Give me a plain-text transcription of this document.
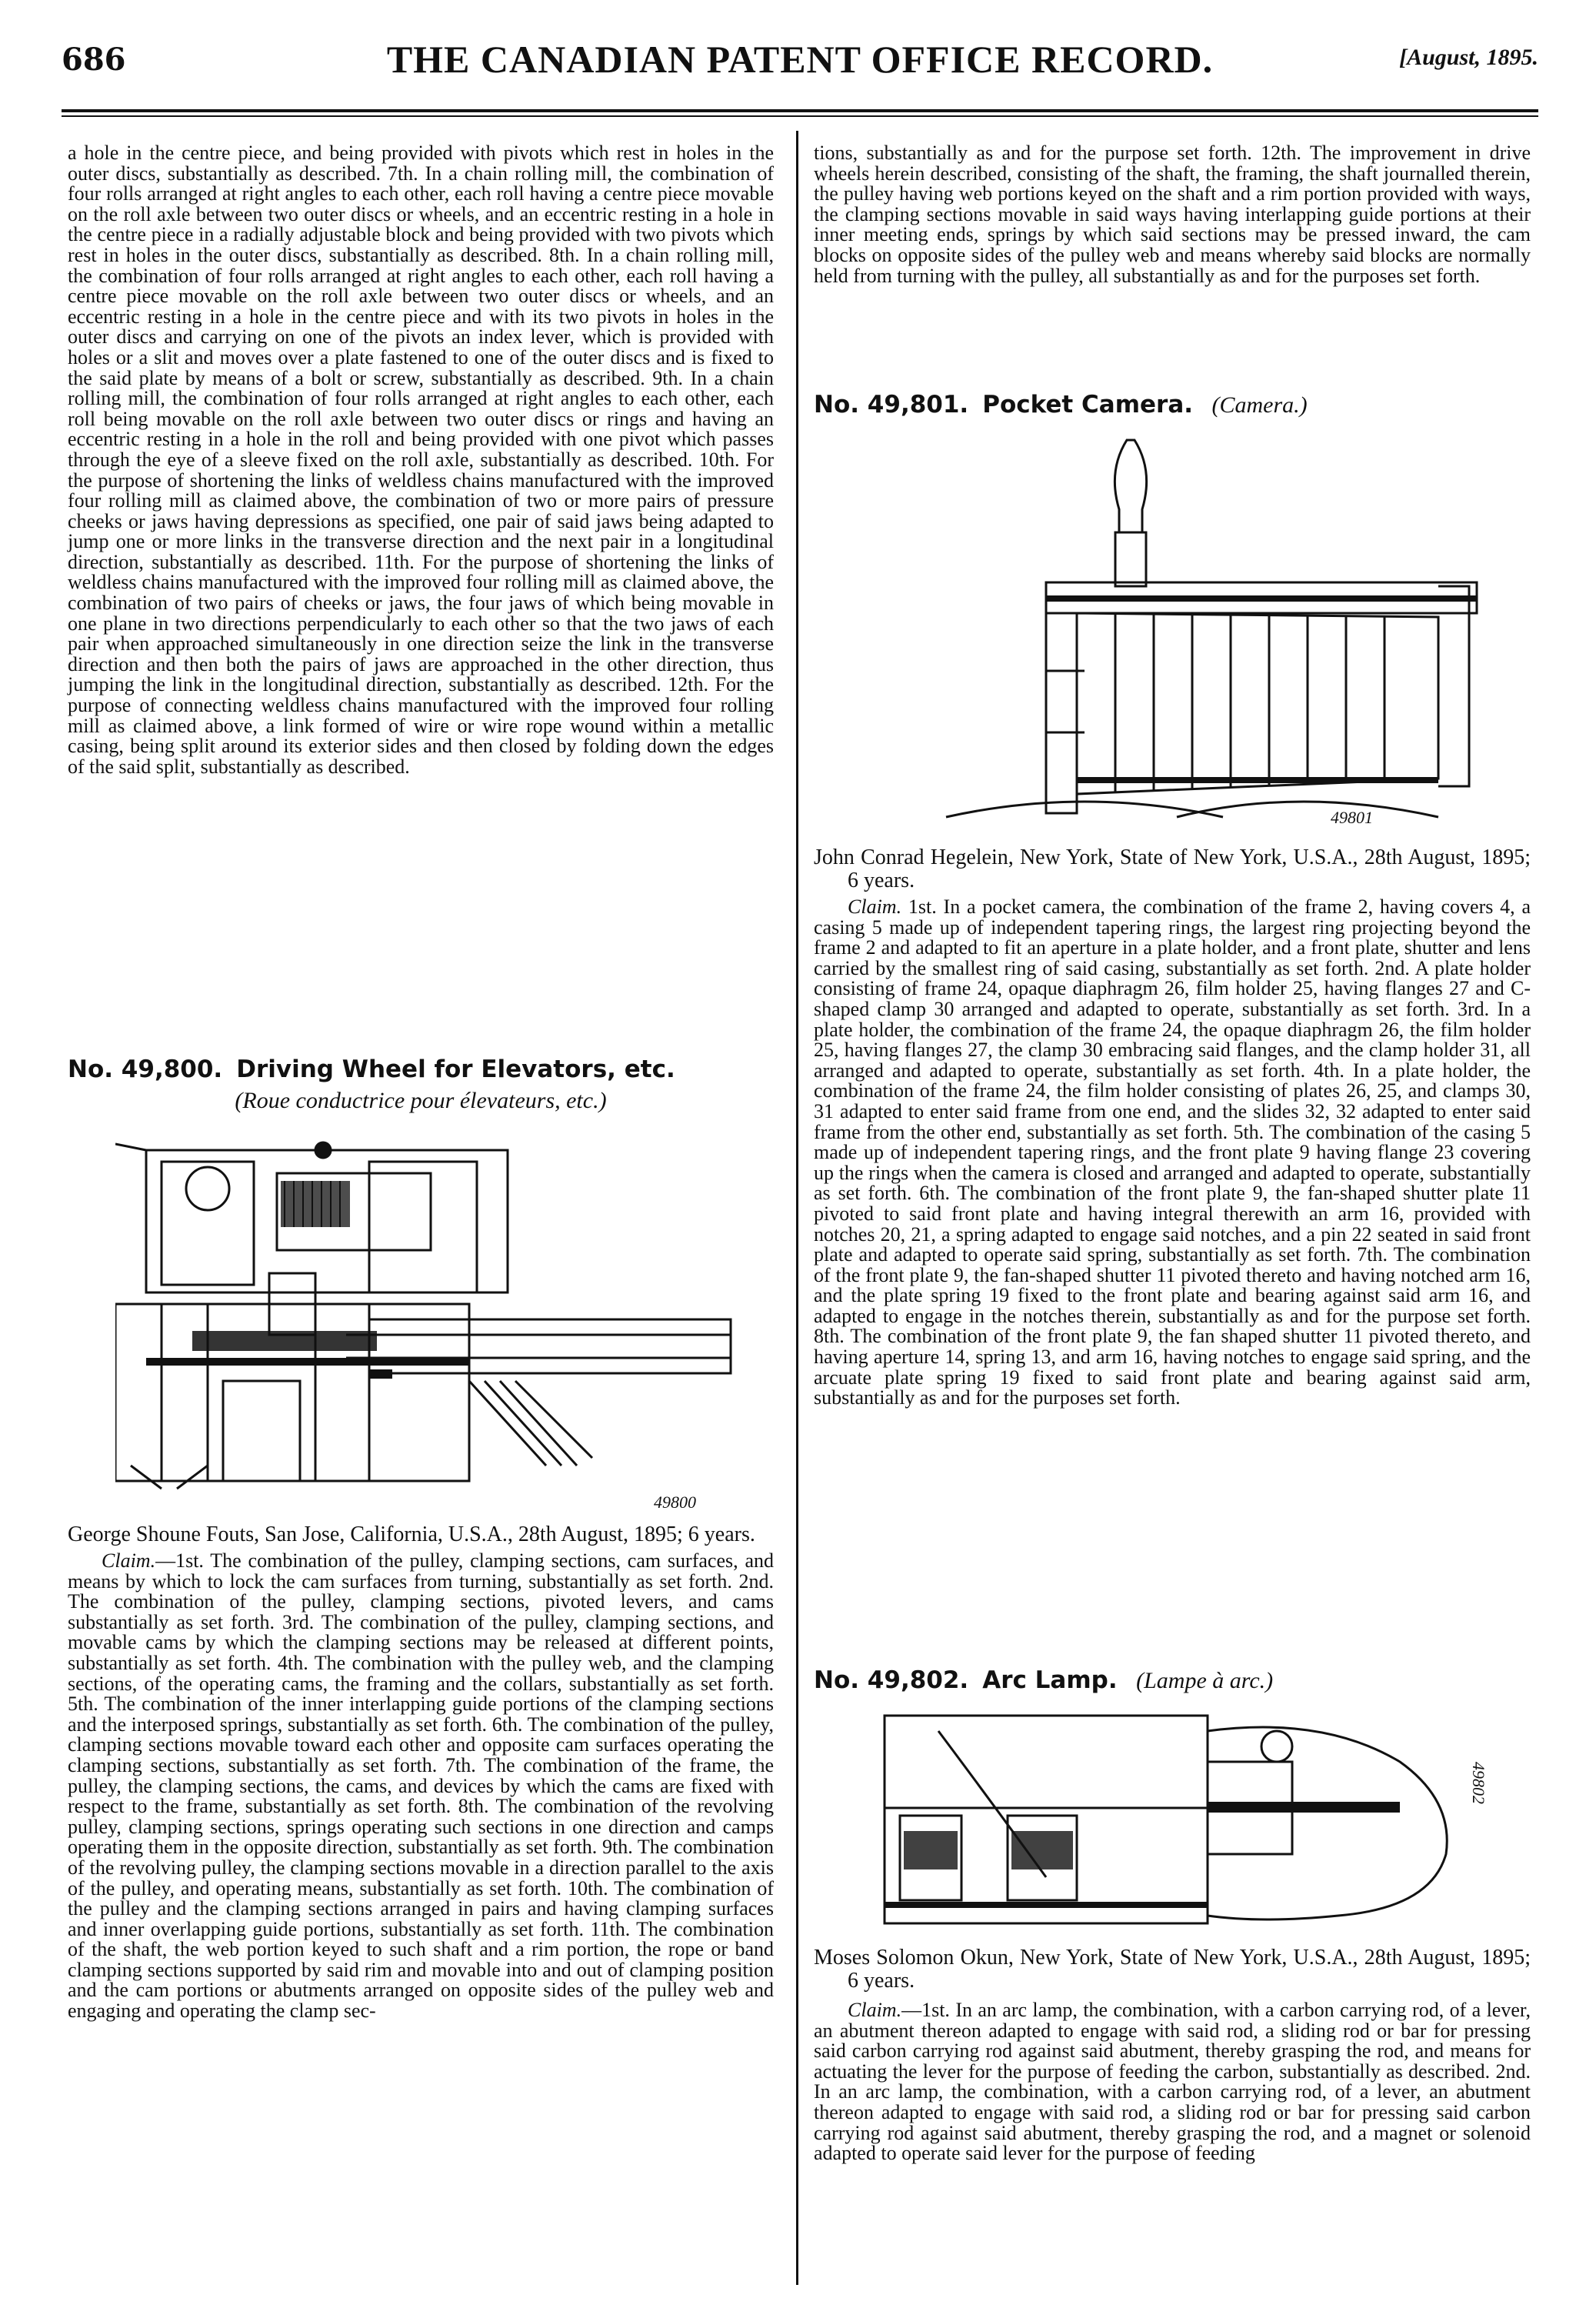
686	THE CANADIAN PATENT OFFICE RECORD.	[August, 1895.

a hole in the centre piece, and being provided with pivots which rest in holes in the outer discs, substantially as described. 7th. In a chain rolling mill, the combination of four rolls arranged at right angles to each other, each roll having a centre piece movable on the roll axle between two outer discs or wheels, and an eccentric resting in a hole in the centre piece in a radially adjustable block and being provided with two pivots which rest in holes in the outer discs, substantially as described. 8th. In a chain rolling mill, the combination of four rolls arranged at right angles to each other, each roll having a centre piece movable on the roll axle between two outer discs or wheels, and an eccentric resting in a hole in the centre piece and with its two pivots in holes in the outer discs and carrying on one of the pivots an index lever, which is provided with holes or a slit and moves over a plate fastened to one of the outer discs and is fixed to the said plate by means of a bolt or screw, substantially as described. 9th. In a chain rolling mill, the combination of four rolls arranged at right angles to each other, each roll being movable on the roll axle between two outer discs or rings and having an eccentric resting in a hole in the roll and being provided with one pivot which passes through the eye of a sleeve fixed on the roll axle, substantially as described. 10th. For the purpose of shortening the links of weldless chains manufactured with the improved four rolling mill as claimed above, the combination of two or more pairs of pressure cheeks or jaws having depressions as specified, one pair of said jaws being adapted to jump one or more links in the transverse direction and the next pair in a longitudinal direction, substantially as described. 11th. For the purpose of shortening the links of weldless chains manufactured with the improved four rolling mill as claimed above, the combination of two pairs of cheeks or jaws, the four jaws of which being movable in one plane in two directions perpendicularly to each other so that the two jaws of each pair when approached simultaneously in one direction seize the link in the transverse direction and then both the pairs of jaws are approached in the other direction, thus jumping the link in the longitudinal direction, substantially as described. 12th. For the purpose of connecting weldless chains manufactured with the improved four rolling mill as claimed above, a link formed of wire or wire rope wound within a metallic casing, being split around its exterior sides and then closed by folding down the edges of the said split, substantially as described.

No. 49,800. Driving Wheel for Elevators, etc.
(Roue conductrice pour élevateurs, etc.)
49800

George Shoune Fouts, San Jose, California, U.S.A., 28th August, 1895; 6 years.

Claim.—1st. The combination of the pulley, clamping sections, cam surfaces, and means by which to lock the cam surfaces from turning, substantially as set forth. 2nd. The combination of the pulley, clamping sections, pivoted levers, and cams substantially as set forth. 3rd. The combination of the pulley, clamping sections, and movable cams by which the clamping sections may be released at different points, substantially as set forth. 4th. The combination with the pulley web, and the clamping sections, of the operating cams, the framing and the collars, substantially as set forth. 5th. The combination of the inner interlapping guide portions of the clamping sections and the interposed springs, substantially as set forth. 6th. The combination of the pulley, clamping sections movable toward each other and opposite cam surfaces operating the clamping sections, substantially as set forth. 7th. The combination of the frame, the pulley, the clamping sections, the cams, and devices by which the cams are fixed with respect to the frame, substantially as set forth. 8th. The combination of the revolving pulley, clamping sections, springs operating such sections in one direction and camps operating them in the opposite direction, substantially as set forth. 9th. The combination of the revolving pulley, the clamping sections movable in a direction parallel to the axis of the pulley, and operating means, substantially as set forth. 10th. The combination of the pulley and the clamping sections arranged in pairs and having clamping surfaces and inner overlapping guide portions, substantially as set forth. 11th. The combination of the shaft, the web portion keyed to such shaft and a rim portion, the rope or band clamping sections supported by said rim and movable into and out of clamping position and the cam portions or abutments arranged on opposite sides of the pulley web and engaging and operating the clamp sec-

tions, substantially as and for the purpose set forth. 12th. The improvement in drive wheels herein described, consisting of the shaft, the framing, the shaft journalled therein, the pulley having web portions keyed on the shaft and a rim portion provided with ways, the clamping sections movable in said ways having interlapping guide portions at their inner meeting ends, springs by which said sections may be pressed inward, the cam blocks on opposite sides of the pulley web and means whereby said blocks are normally held from turning with the pulley, all substantially as and for the purposes set forth.

No. 49,801. Pocket Camera. (Camera.)
49801

John Conrad Hegelein, New York, State of New York, U.S.A., 28th August, 1895; 6 years.

Claim. 1st. In a pocket camera, the combination of the frame 2, having covers 4, a casing 5 made up of independent tapering rings, the largest ring projecting beyond the frame 2 and adapted to fit an aperture in a plate holder, and a front plate, shutter and lens carried by the smallest ring of said casing, substantially as set forth. 2nd. A plate holder consisting of frame 24, opaque diaphragm 26, film holder 25, having flanges 27 and C-shaped clamp 30 arranged and adapted to operate, substantially as set forth. 3rd. In a plate holder, the combination of the frame 24, the opaque diaphragm 26, the film holder 25, having flanges 27, the clamp 30 embracing said flanges, and the clamp holder 31, all arranged and adapted to operate, substantially as set forth. 4th. In a plate holder, the combination of the frame 24, the film holder consisting of plates 26, 25, and clamps 30, 31 adapted to enter said frame from one end, and the slides 32, 32 adapted to enter said frame from the other end, substantially as set forth. 5th. The combination of the casing 5 made up of independent tapering rings, and the front plate 9 having flange 23 covering up the rings when the camera is closed and arranged and adapted to operate, substantially as set forth. 6th. The combination of the front plate 9, the fan-shaped shutter plate 11 pivoted to said front plate and having integral therewith an arm 16, provided with notches 20, 21, a spring adapted to engage said notches, and a pin 22 seated in said front plate and adapted to operate said spring, substantially as set forth. 7th. The combination of the front plate 9, the fan-shaped shutter 11 pivoted thereto and having notched arm 16, and the plate spring 19 fixed to the front plate and bearing against said arm 16, and adapted to engage in the notches therein, substantially as and for the purpose set forth. 8th. The combination of the front plate 9, the fan shaped shutter 11 pivoted thereto, and having aperture 14, spring 13, and arm 16, having notches to engage said spring, and the arcuate plate spring 19 fixed to said front plate and bearing against said arm, substantially as and for the purposes set forth.

No. 49,802. Arc Lamp. (Lampe à arc.)
49802

Moses Solomon Okun, New York, State of New York, U.S.A., 28th August, 1895; 6 years.

Claim.—1st. In an arc lamp, the combination, with a carbon carrying rod, of a lever, an abutment thereon adapted to engage with said rod, a sliding rod or bar for pressing said carbon carrying rod against said abutment, thereby grasping the rod, and means for actuating the lever for the purpose of feeding the carbon, substantially as described. 2nd. In an arc lamp, the combination, with a carbon carrying rod, of a lever, an abutment thereon adapted to engage with said rod, a sliding rod or bar for pressing said carbon carrying rod against said abutment, thereby grasping the rod, and a magnet or solenoid adapted to operate said lever for the purpose of feeding
